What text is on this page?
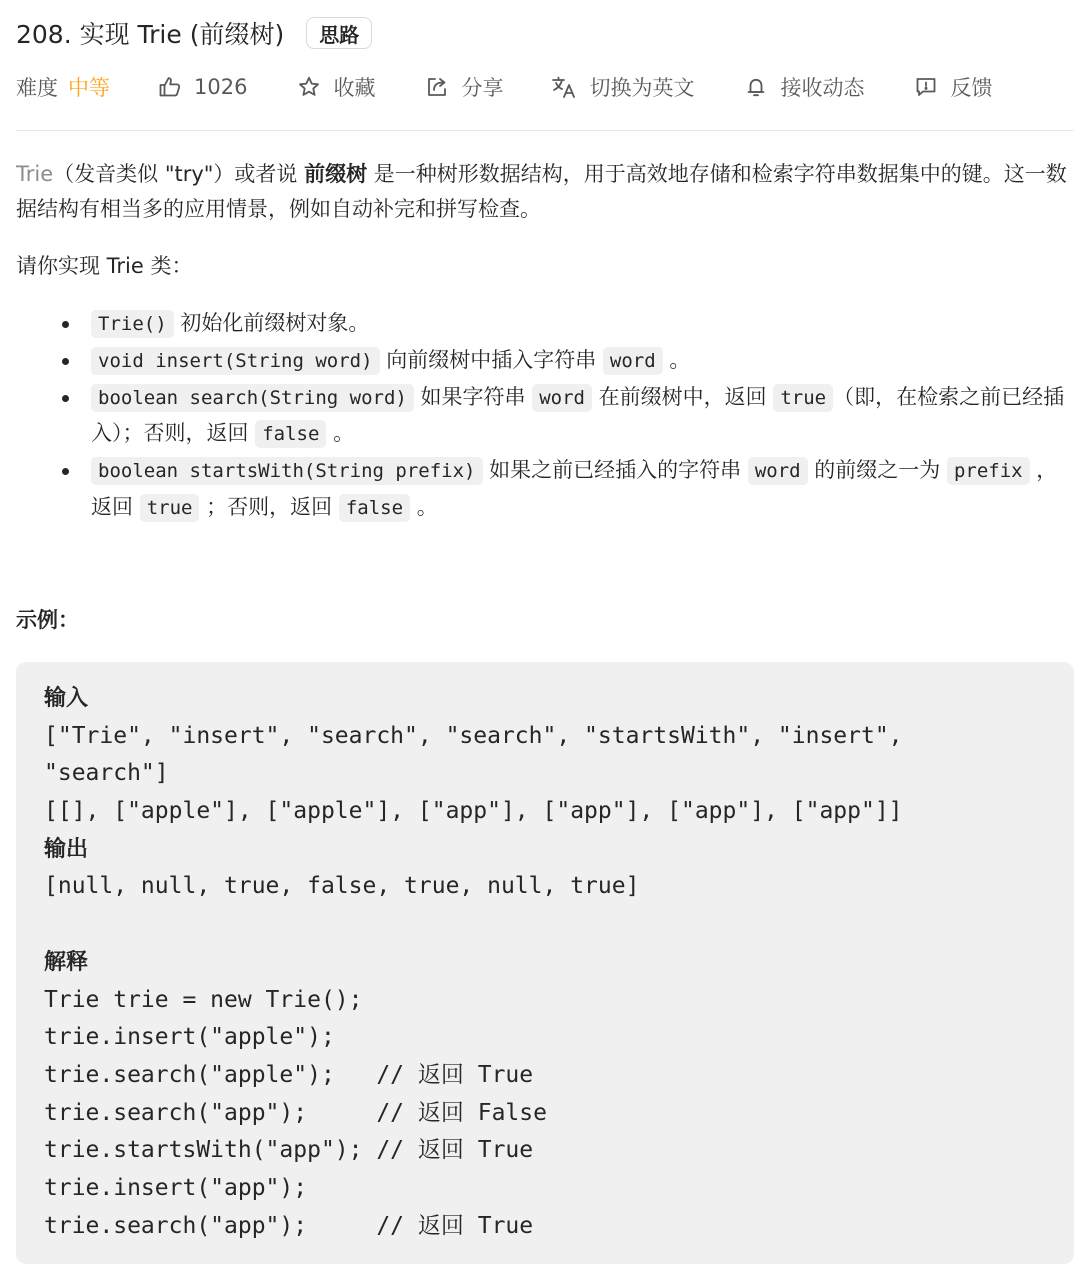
208. 实现 Trie (前缀树)	思路
难度 中等	1026	收藏	分享	切换为英文	接收动态	反馈
Trie（发音类似 "try"）或者说 前缀树 是一种树形数据结构，用于高效地存储和检索字符串数据集中的键。这一数据结构有相当多的应用情景，例如自动补完和拼写检查。
请你实现 Trie 类：
Trie() 初始化前缀树对象。
void insert(String word) 向前缀树中插入字符串 word 。
boolean search(String word) 如果字符串 word 在前缀树中，返回 true （即，在检索之前已经插入）；否则，返回 false 。
boolean startsWith(String prefix) 如果之前已经插入的字符串 word 的前缀之一为 prefix ，返回 true ；否则，返回 false 。
示例：
输入
["Trie", "insert", "search", "search", "startsWith", "insert",
"search"]
[[], ["apple"], ["apple"], ["app"], ["app"], ["app"], ["app"]]
输出
[null, null, true, false, true, null, true]
解释
Trie trie = new Trie();
trie.insert("apple");
trie.search("apple");   // 返回 True
trie.search("app");     // 返回 False
trie.startsWith("app"); // 返回 True
trie.insert("app");
trie.search("app");     // 返回 True
